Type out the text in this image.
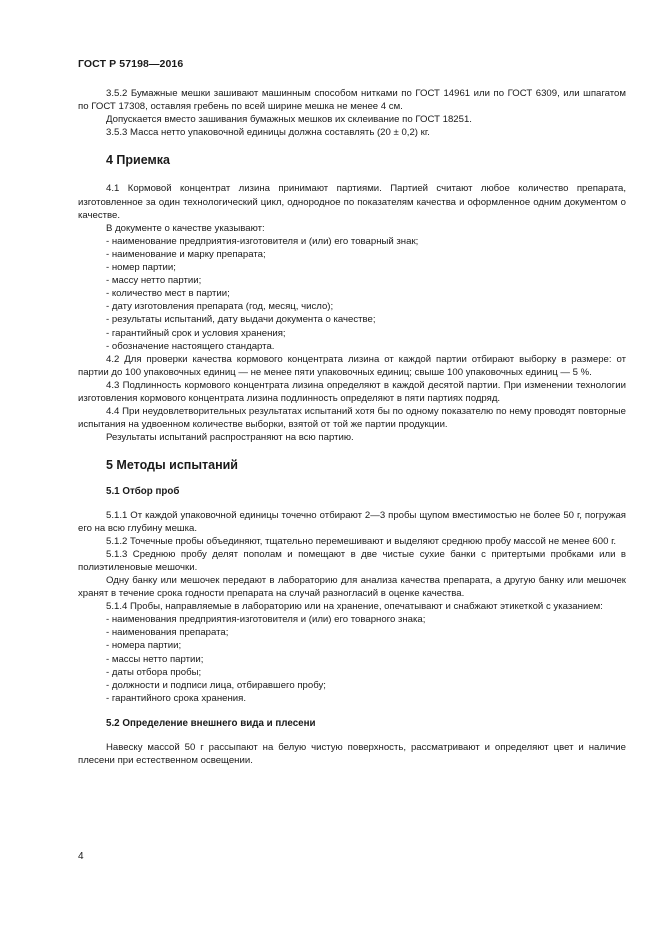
ГОСТ Р 57198—2016

3.5.2 Бумажные мешки зашивают машинным способом нитками по ГОСТ 14961 или по ГОСТ 6309, или шпагатом по ГОСТ 17308, оставляя гребень по всей ширине мешка не менее 4 см.

Допускается вместо зашивания бумажных мешков их склеивание по ГОСТ 18251.

3.5.3 Масса нетто упаковочной единицы должна составлять (20 ± 0,2) кг.

4 Приемка

4.1 Кормовой концентрат лизина принимают партиями. Партией считают любое количество препарата, изготовленное за один технологический цикл, однородное по показателям качества и оформленное одним документом о качестве.

В документе о качестве указывают:

- наименование предприятия-изготовителя и (или) его товарный знак;

- наименование и марку препарата;

- номер партии;

- массу нетто партии;

- количество мест в партии;

- дату изготовления препарата (год, месяц, число);

- результаты испытаний, дату выдачи документа о качестве;

- гарантийный срок и условия хранения;

- обозначение настоящего стандарта.

4.2 Для проверки качества кормового концентрата лизина от каждой партии отбирают выборку в размере: от партии до 100 упаковочных единиц — не менее пяти упаковочных единиц; свыше 100 упаковочных единиц — 5 %.

4.3 Подлинность кормового концентрата лизина определяют в каждой десятой партии. При изменении технологии изготовления кормового концентрата лизина подлинность определяют в пяти партиях подряд.

4.4 При неудовлетворительных результатах испытаний хотя бы по одному показателю по нему проводят повторные испытания на удвоенном количестве выборки, взятой от той же партии продукции.

Результаты испытаний распространяют на всю партию.

5 Методы испытаний
5.1 Отбор проб

5.1.1 От каждой упаковочной единицы точечно отбирают 2—3 пробы щупом вместимостью не более 50 г, погружая его на всю глубину мешка.

5.1.2 Точечные пробы объединяют, тщательно перемешивают и выделяют среднюю пробу массой не менее 600 г.

5.1.3 Среднюю пробу делят пополам и помещают в две чистые сухие банки с притертыми пробками или в полиэтиленовые мешочки.

Одну банку или мешочек передают в лабораторию для анализа качества препарата, а другую банку или мешочек хранят в течение срока годности препарата на случай разногласий в оценке качества.

5.1.4 Пробы, направляемые в лабораторию или на хранение, опечатывают и снабжают этикеткой с указанием:

- наименования предприятия-изготовителя и (или) его товарного знака;

- наименования препарата;

- номера партии;

- массы нетто партии;

- даты отбора пробы;

- должности и подписи лица, отбиравшего пробу;

- гарантийного срока хранения.

5.2 Определение внешнего вида и плесени

Навеску массой 50 г рассыпают на белую чистую поверхность, рассматривают и определяют цвет и наличие плесени при естественном освещении.

4
